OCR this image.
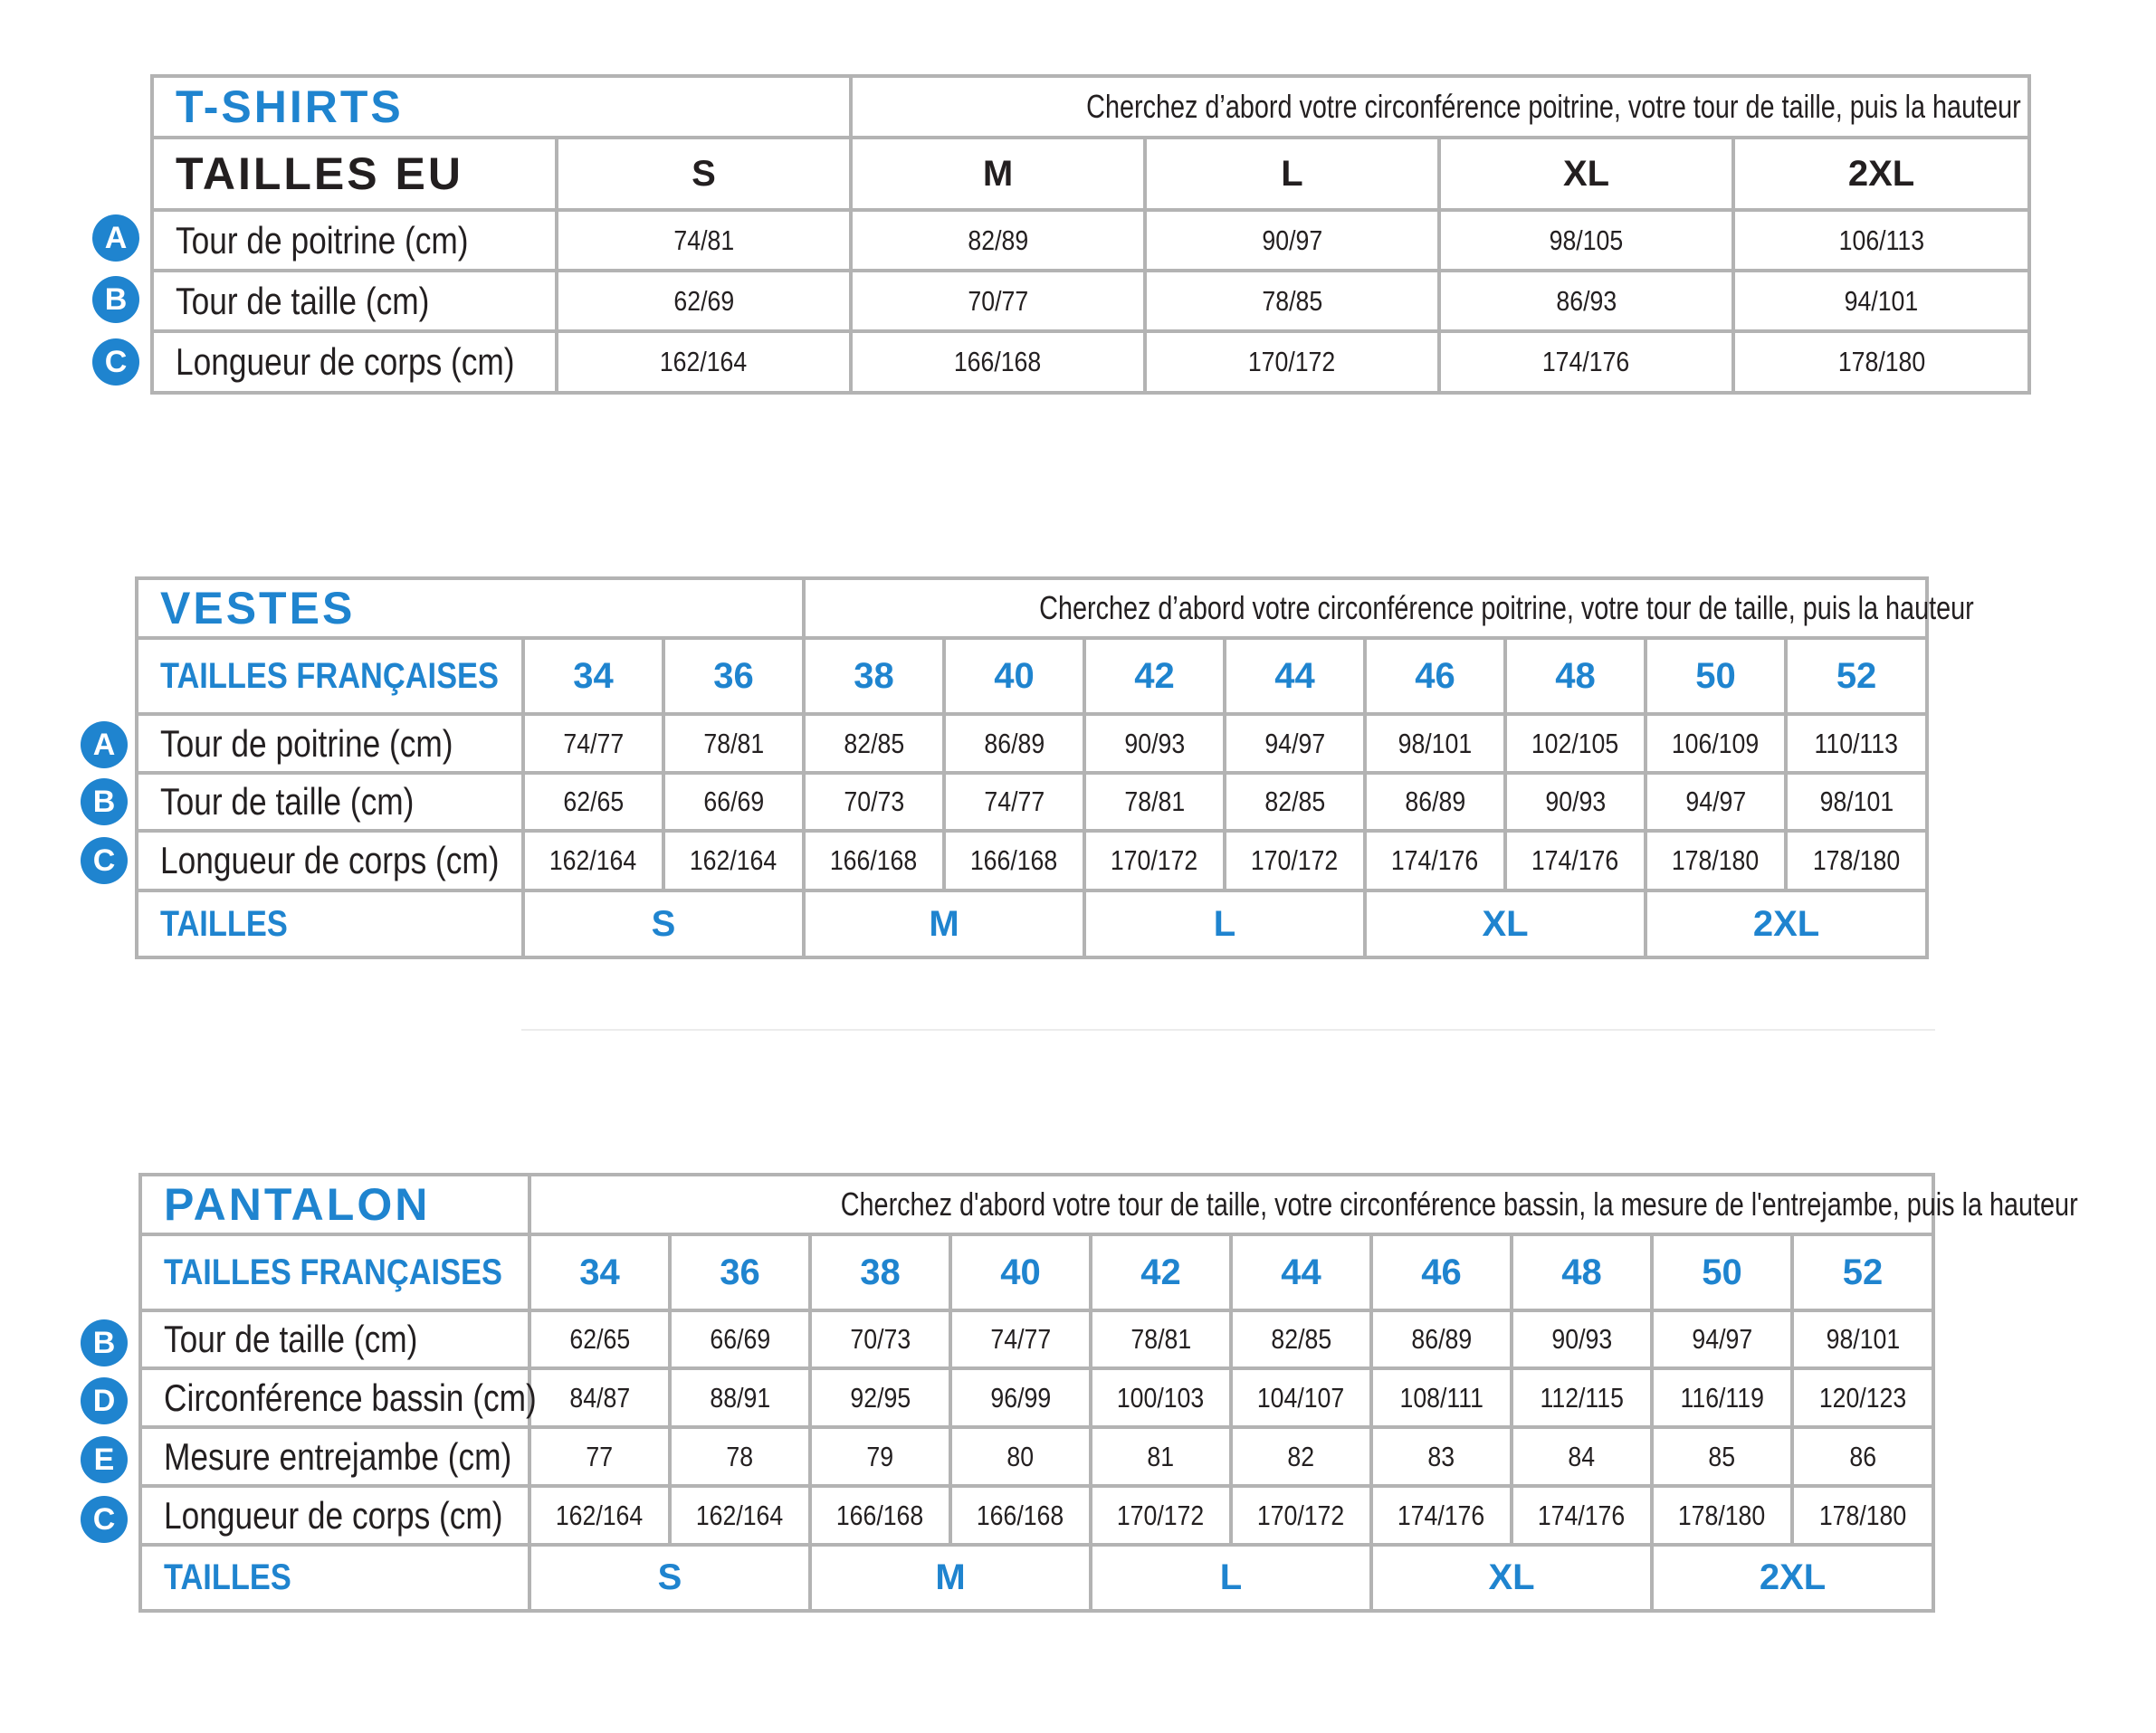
T-SHIRTS		Cherchez d’abord votre circonférence poitrine, votre tour de taille, puis la hauteur			
TAILLES EU	S	M	L	XL	2XL
Tour de poitrine (cm)	74/81	82/89	90/97	98/105	106/113
Tour de taille (cm)	62/69	70/77	78/85	86/93	94/101
Longueur de corps (cm)	162/164	166/168	170/172	174/176	178/180
A
B
C
VESTES			Cherchez d’abord votre circonférence poitrine, votre tour de taille, puis la hauteur							
TAILLES FRANÇAISES	34	36	38	40	42	44	46	48	50	52
Tour de poitrine (cm)	74/77	78/81	82/85	86/89	90/93	94/97	98/101	102/105	106/109	110/113
Tour de taille (cm)	62/65	66/69	70/73	74/77	78/81	82/85	86/89	90/93	94/97	98/101
Longueur de corps (cm)	162/164	162/164	166/168	166/168	170/172	170/172	174/176	174/176	178/180	178/180
TAILLES	S		M		L		XL		2XL	
A
B
C
PANTALON	Cherchez d'abord votre tour de taille, votre circonférence bassin, la mesure de l'entrejambe, puis la hauteur									
TAILLES FRANÇAISES	34	36	38	40	42	44	46	48	50	52
Tour de taille (cm)	62/65	66/69	70/73	74/77	78/81	82/85	86/89	90/93	94/97	98/101
Circonférence bassin (cm)	84/87	88/91	92/95	96/99	100/103	104/107	108/111	112/115	116/119	120/123
Mesure entrejambe (cm)	77	78	79	80	81	82	83	84	85	86
Longueur de corps (cm)	162/164	162/164	166/168	166/168	170/172	170/172	174/176	174/176	178/180	178/180
TAILLES	S		M		L		XL		2XL	
B
D
E
C
